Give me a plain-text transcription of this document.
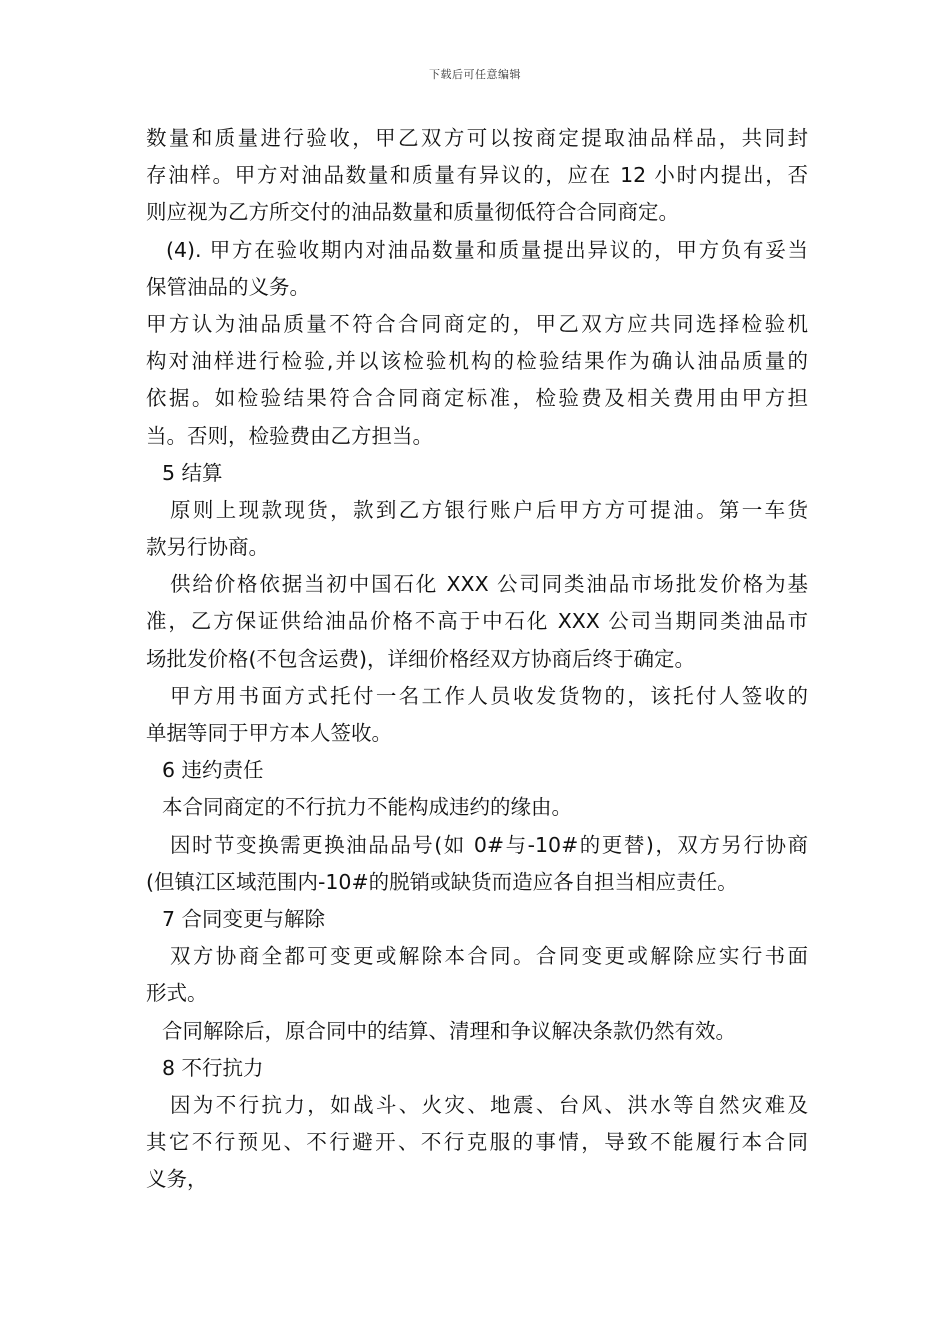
下载后可任意编辑
数量和质量进行验收，甲乙双方可以按商定提取油品样品，共同封
存油样。甲方对油品数量和质量有异议的，应在 12 小时内提出，否
则应视为乙方所交付的油品数量和质量彻低符合合同商定。
(4). 甲方在验收期内对油品数量和质量提出异议的，甲方负有妥当
保管油品的义务。
甲方认为油品质量不符合合同商定的，甲乙双方应共同选择检验机
构对油样进行检验,并以该检验机构的检验结果作为确认油品质量的
依据。如检验结果符合合同商定标准，检验费及相关费用由甲方担
当。否则，检验费由乙方担当。
5 结算
原则上现款现货，款到乙方银行账户后甲方方可提油。第一车货
款另行协商。
供给价格依据当初中国石化 XXX 公司同类油品市场批发价格为基
准，乙方保证供给油品价格不高于中石化 XXX 公司当期同类油品市
场批发价格(不包含运费)，详细价格经双方协商后终于确定。
甲方用书面方式托付一名工作人员收发货物的，该托付人签收的
单据等同于甲方本人签收。
6 违约责任
本合同商定的不行抗力不能构成违约的缘由。
因时节变换需更换油品品号(如 0#与-10#的更替)，双方另行协商
(但镇江区域范围内-10#的脱销或缺货而造应各自担当相应责任。
7 合同变更与解除
双方协商全都可变更或解除本合同。合同变更或解除应实行书面
形式。
合同解除后，原合同中的结算、清理和争议解决条款仍然有效。
8 不行抗力
因为不行抗力，如战斗、火灾、地震、台风、洪水等自然灾难及
其它不行预见、不行避开、不行克服的事情，导致不能履行本合同
义务，
